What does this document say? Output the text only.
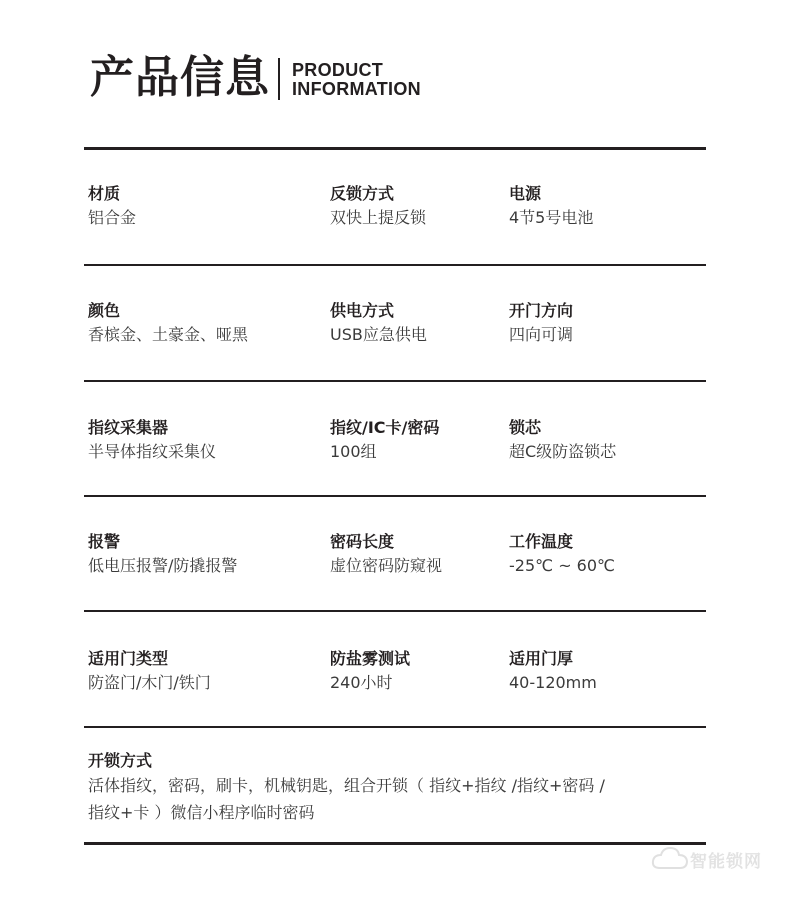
产品信息 PRODUCT
INFORMATION
材质
铝合金
反锁方式
双快上提反锁
电源
4节5号电池
颜色
香槟金、土豪金、哑黑
供电方式
USB应急供电
开门方向
四向可调
指纹采集器
半导体指纹采集仪
指纹/IC卡/密码
100组
锁芯
超C级防盗锁芯
报警
低电压报警/防撬报警
密码长度
虚位密码防窥视
工作温度
-25℃ ~ 60℃
适用门类型
防盗门/木门/铁门
防盐雾测试
240小时
适用门厚
40-120mm
开锁方式
活体指纹，密码，刷卡，机械钥匙，组合开锁（ 指纹+指纹 /指纹+密码 /
指纹+卡 ）微信小程序临时密码
智能锁网
